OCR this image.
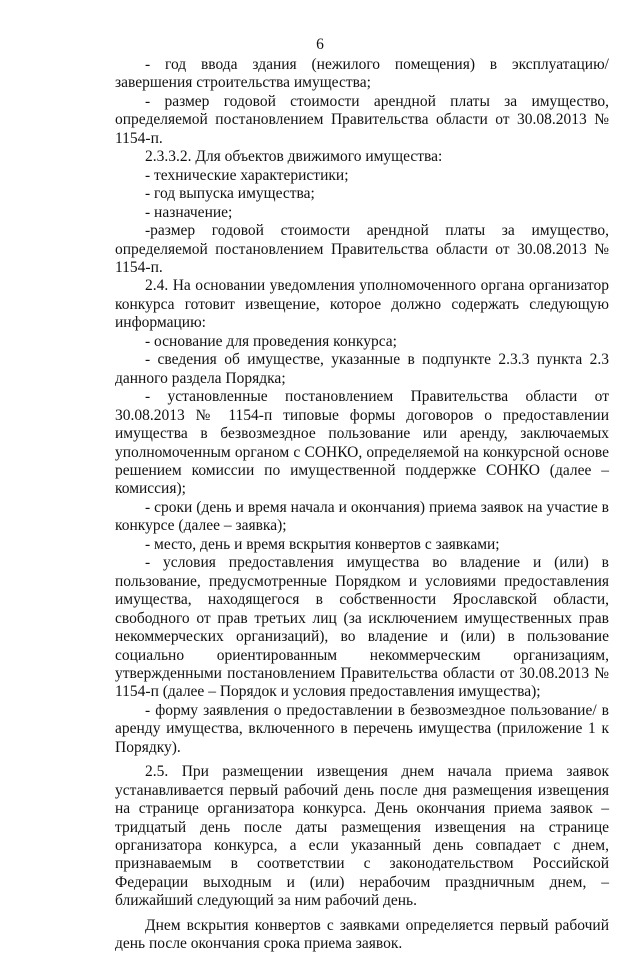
6

- год ввода здания (нежилого помещения) в эксплуатацию/ завершения строительства имущества;

- размер годовой стоимости арендной платы за имущество, определяемой постановлением Правительства области от 30.08.2013 № 1154-п.

2.3.3.2. Для объектов движимого имущества:

- технические характеристики;

- год выпуска имущества;

- назначение;

-размер годовой стоимости арендной платы за имущество, определяемой постановлением Правительства области от 30.08.2013 № 1154-п.

2.4. На основании уведомления уполномоченного органа организатор конкурса готовит извещение, которое должно содержать следующую информацию:

- основание для проведения конкурса;

- сведения об имуществе, указанные в подпункте 2.3.3 пункта 2.3 данного раздела Порядка;

- установленные постановлением Правительства области от 30.08.2013 № 1154-п типовые формы договоров о предоставлении имущества в безвозмездное пользование или аренду, заключаемых уполномоченным органом с СОНКО, определяемой на конкурсной основе решением комиссии по имущественной поддержке СОНКО (далее – комиссия);

- сроки (день и время начала и окончания) приема заявок на участие в конкурсе (далее – заявка);

- место, день и время вскрытия конвертов с заявками;

- условия предоставления имущества во владение и (или) в пользование, предусмотренные Порядком и условиями предоставления имущества, находящегося в собственности Ярославской области, свободного от прав третьих лиц (за исключением имущественных прав некоммерческих организаций), во владение и (или) в пользование социально ориентированным некоммерческим организациям, утвержденными постановлением Правительства области от 30.08.2013 № 1154-п (далее – Порядок и условия предоставления имущества);

- форму заявления о предоставлении в безвозмездное пользование/ в аренду имущества, включенного в перечень имущества (приложение 1 к Порядку).

2.5. При размещении извещения днем начала приема заявок устанавливается первый рабочий день после дня размещения извещения на странице организатора конкурса. День окончания приема заявок – тридцатый день после даты размещения извещения на странице организатора конкурса, а если указанный день совпадает с днем, признаваемым в соответствии с законодательством Российской Федерации выходным и (или) нерабочим праздничным днем, – ближайший следующий за ним рабочий день.

Днем вскрытия конвертов с заявками определяется первый рабочий день после окончания срока приема заявок.
